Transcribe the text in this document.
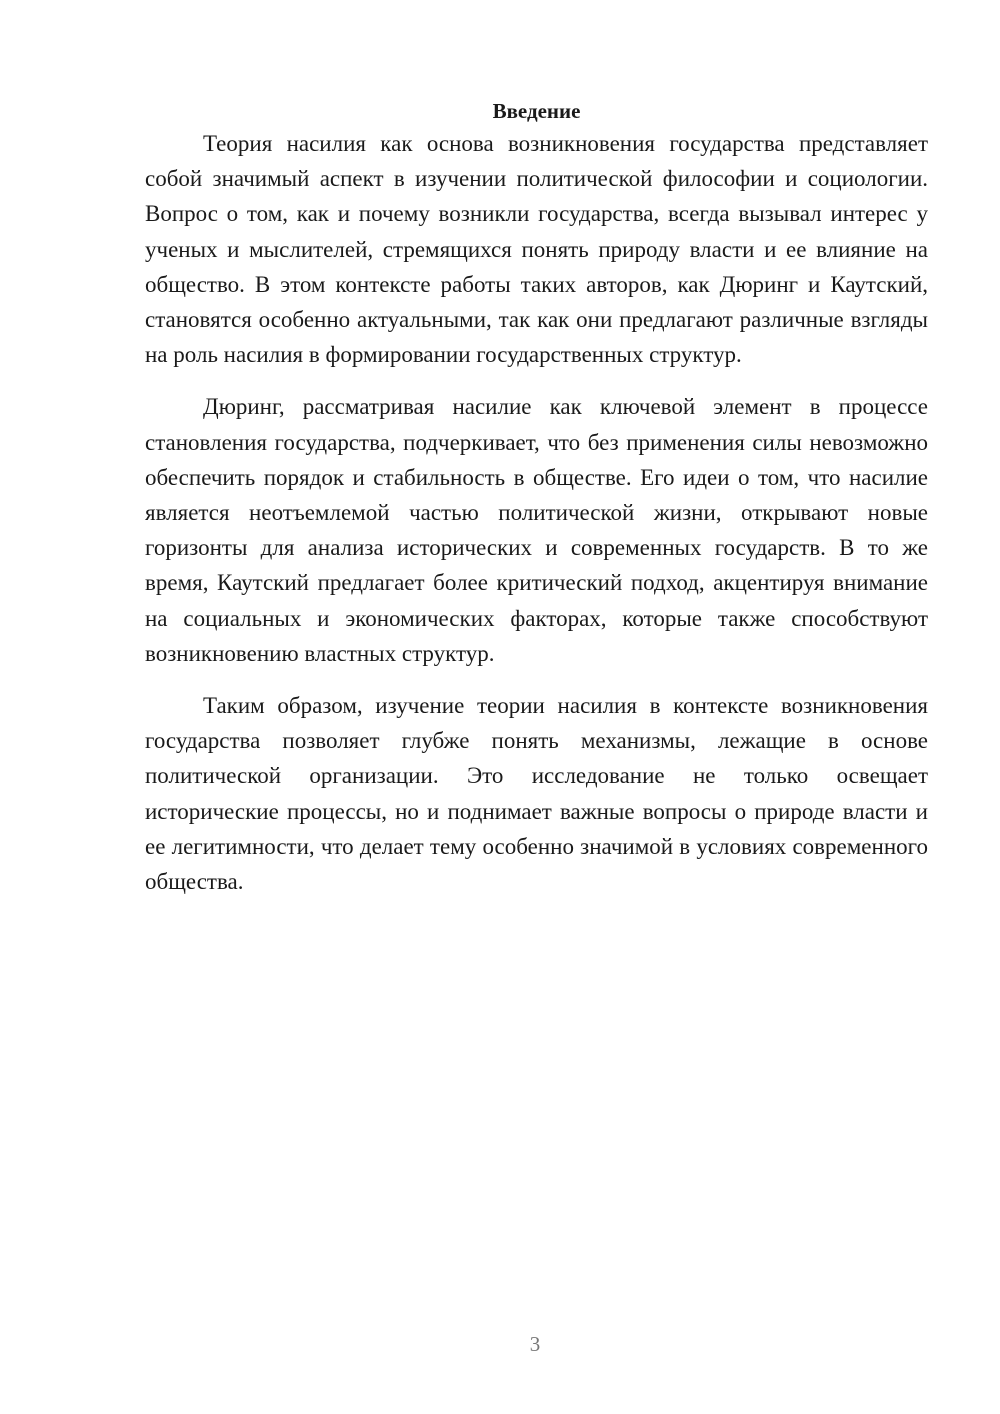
Введение

Теория насилия как основа возникновения государства представляет собой значимый аспект в изучении политической философии и социологии. Вопрос о том, как и почему возникли государства, всегда вызывал интерес у ученых и мыслителей, стремящихся понять природу власти и ее влияние на общество. В этом контексте работы таких авторов, как Дюринг и Каутский, становятся особенно актуальными, так как они предлагают различные взгляды на роль насилия в формировании государственных структур.

Дюринг, рассматривая насилие как ключевой элемент в процессе становления государства, подчеркивает, что без применения силы невозможно обеспечить порядок и стабильность в обществе. Его идеи о том, что насилие является неотъемлемой частью политической жизни, открывают новые горизонты для анализа исторических и современных государств. В то же время, Каутский предлагает более критический подход, акцентируя внимание на социальных и экономических факторах, которые также способствуют возникновению властных структур.

Таким образом, изучение теории насилия в контексте возникновения государства позволяет глубже понять механизмы, лежащие в основе политической организации. Это исследование не только освещает исторические процессы, но и поднимает важные вопросы о природе власти и ее легитимности, что делает тему особенно значимой в условиях современного общества.

3
